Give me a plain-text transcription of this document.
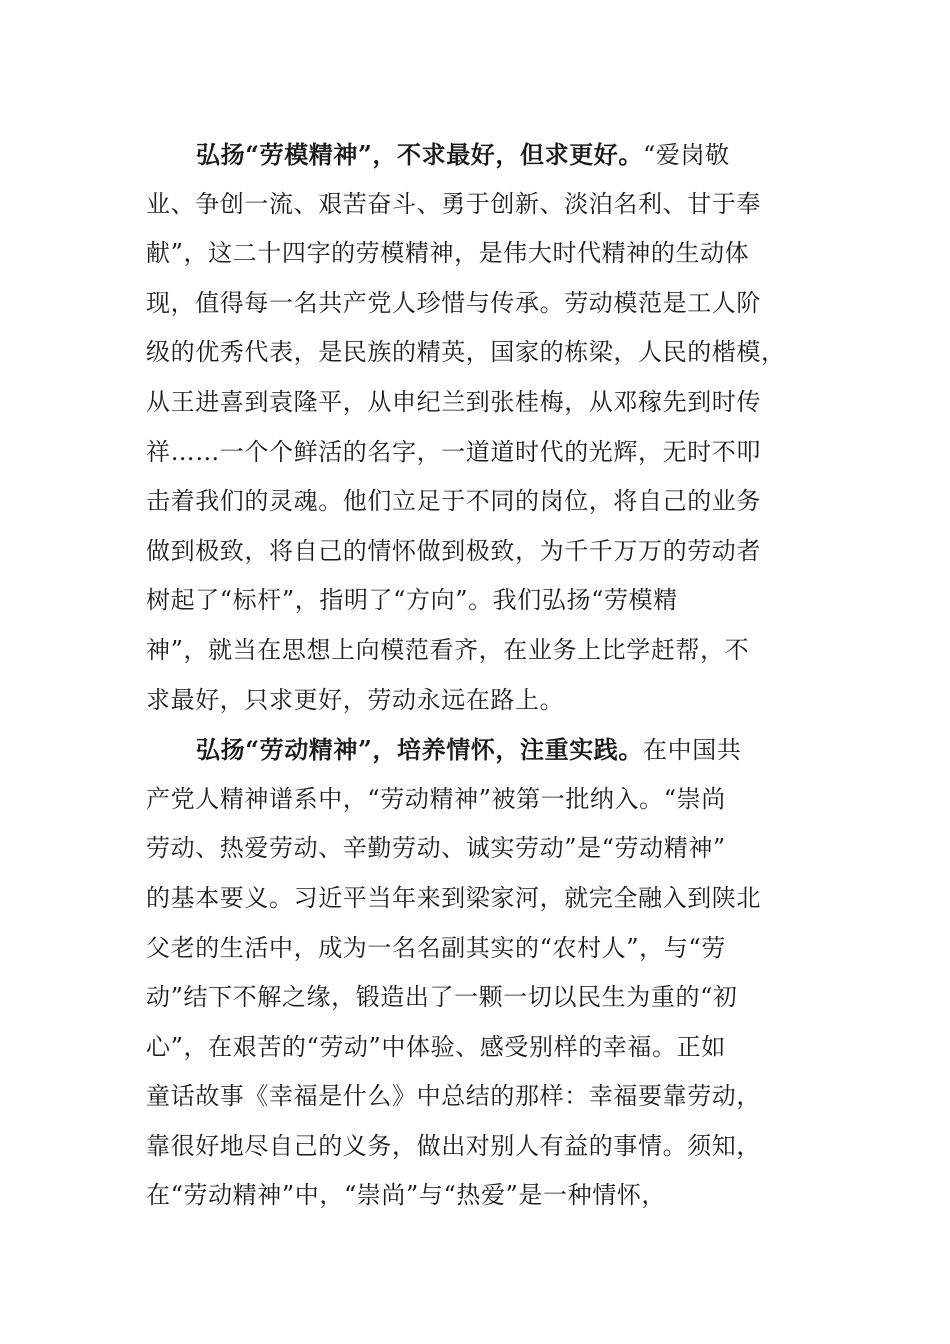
弘扬“劳模精神”，不求最好，但求更好。“爱岗敬
业、争创一流、艰苦奋斗、勇于创新、淡泊名利、甘于奉
献”，这二十四字的劳模精神，是伟大时代精神的生动体
现，值得每一名共产党人珍惜与传承。劳动模范是工人阶
级的优秀代表，是民族的精英，国家的栋梁，人民的楷模，
从王进喜到袁隆平，从申纪兰到张桂梅，从邓稼先到时传
祥……一个个鲜活的名字，一道道时代的光辉，无时不叩
击着我们的灵魂。他们立足于不同的岗位，将自己的业务
做到极致，将自己的情怀做到极致，为千千万万的劳动者
树起了“标杆”，指明了“方向”。我们弘扬“劳模精
神”，就当在思想上向模范看齐，在业务上比学赶帮，不
求最好，只求更好，劳动永远在路上。
弘扬“劳动精神”，培养情怀，注重实践。在中国共
产党人精神谱系中，“劳动精神”被第一批纳入。“崇尚
劳动、热爱劳动、辛勤劳动、诚实劳动”是“劳动精神”
的基本要义。习近平当年来到梁家河，就完全融入到陕北
父老的生活中，成为一名名副其实的“农村人”，与“劳
动”结下不解之缘，锻造出了一颗一切以民生为重的“初
心”，在艰苦的“劳动”中体验、感受别样的幸福。正如
童话故事《幸福是什么》中总结的那样：幸福要靠劳动，
靠很好地尽自己的义务，做出对别人有益的事情。须知，
在“劳动精神”中，“崇尚”与“热爱”是一种情怀，
